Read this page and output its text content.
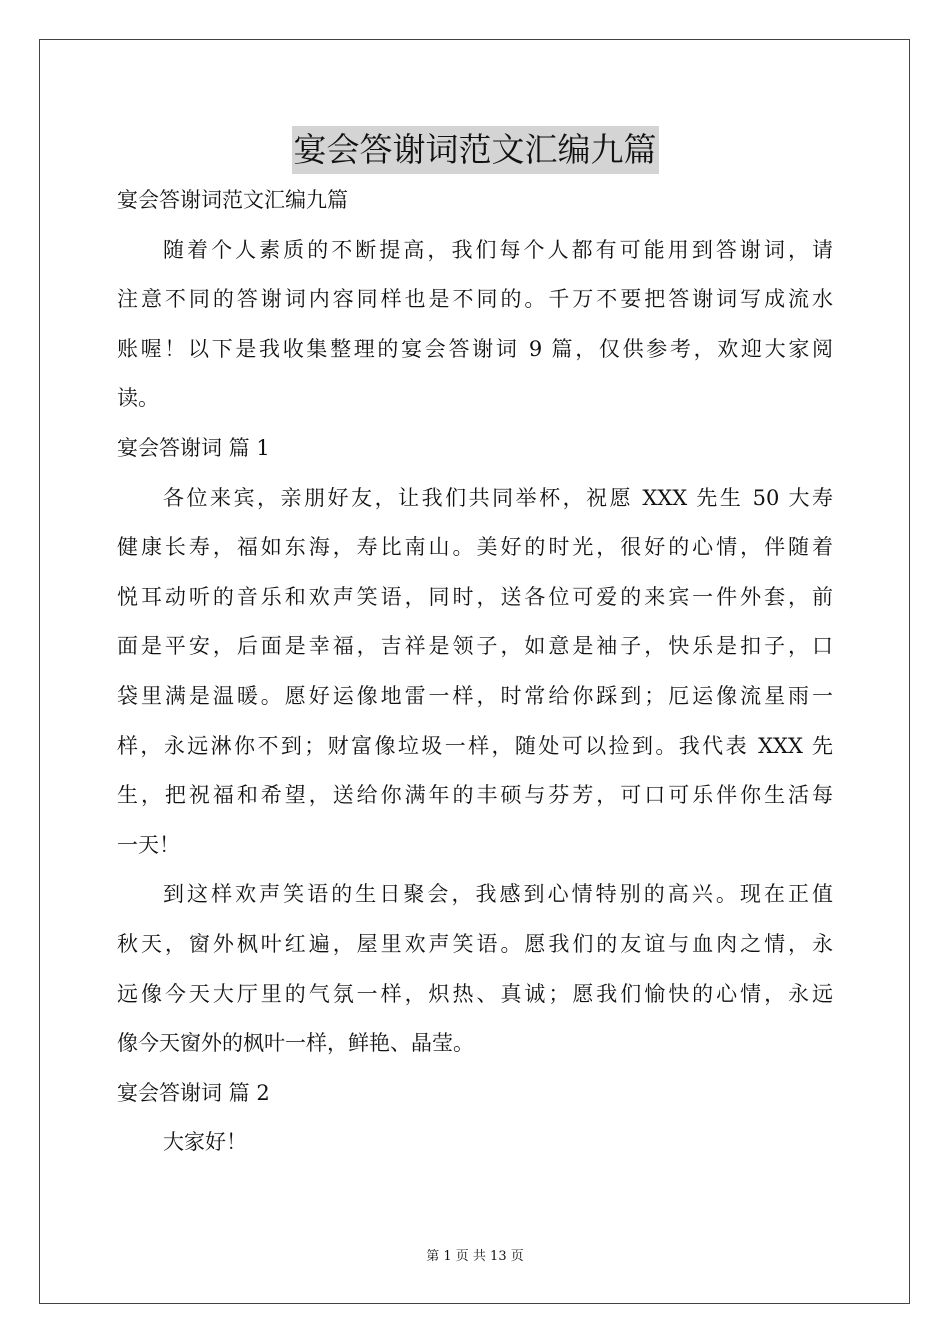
宴会答谢词范文汇编九篇
宴会答谢词范文汇编九篇
随着个人素质的不断提高，我们每个人都有可能用到答谢词，请
注意不同的答谢词内容同样也是不同的。千万不要把答谢词写成流水
账喔！以下是我收集整理的宴会答谢词 9 篇，仅供参考，欢迎大家阅
读。
宴会答谢词 篇 1
各位来宾，亲朋好友，让我们共同举杯，祝愿 XXX 先生 50 大寿
健康长寿，福如东海，寿比南山。美好的时光，很好的心情，伴随着
悦耳动听的音乐和欢声笑语，同时，送各位可爱的来宾一件外套，前
面是平安，后面是幸福，吉祥是领子，如意是袖子，快乐是扣子，口
袋里满是温暖。愿好运像地雷一样，时常给你踩到；厄运像流星雨一
样，永远淋你不到；财富像垃圾一样，随处可以捡到。我代表 XXX 先
生，把祝福和希望，送给你满年的丰硕与芬芳，可口可乐伴你生活每
一天！
到这样欢声笑语的生日聚会，我感到心情特别的高兴。现在正值
秋天，窗外枫叶红遍，屋里欢声笑语。愿我们的友谊与血肉之情，永
远像今天大厅里的气氛一样，炽热、真诚；愿我们愉快的心情，永远
像今天窗外的枫叶一样，鲜艳、晶莹。
宴会答谢词 篇 2
大家好！
第 1 页 共 13 页
